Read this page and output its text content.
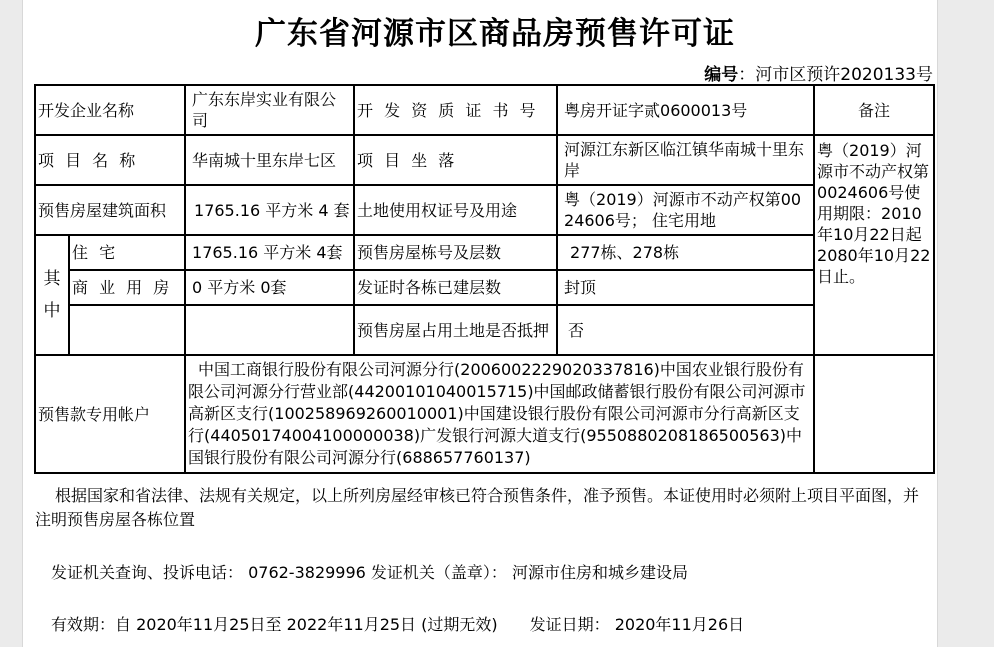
广东省河源市区商品房预售许可证
编号：河市区预许2020133号
开发企业名称		广东东岸实业有限公司	开 发 资 质 证 书 号	粤房开证字贰0600013号	备注
项 目 名 称		华南城十里东岸七区	项 目 坐 落	河源江东新区临江镇华南城十里东岸	粤（2019）河源市不动产权第0024606号使用期限：2010年10月22日起2080年10月22日止。
预售房屋建筑面积		1765.16 平方米 4 套	土地使用权证号及用途	粤（2019）河源市不动产权第0024606号； 住宅用地	
其中	住 宅	1765.16 平方米 4套	预售房屋栋号及层数	277栋、278栋	
	商 业 用 房	0 平方米 0套	发证时各栋已建层数	封顶	
			预售房屋占用土地是否抵押	否	
预售款专用帐户		中国工商银行股份有限公司河源分行(2006002229020337816)中国农业银行股份有限公司河源分行营业部(44200101040015715)中国邮政储蓄银行股份有限公司河源市高新区支行(100258969260010001)中国建设银行股份有限公司河源市分行高新区支行(44050174004100000038)广发银行河源大道支行(9550880208186500563)中国银行股份有限公司河源分行(688657760137)			
根据国家和省法律、法规有关规定，以上所列房屋经审核已符合预售条件，准予预售。本证使用时必须附上项目平面图，并注明预售房屋各栋位置
发证机关查询、投诉电话： 0762-3829996 发证机关（盖章）： 河源市住房和城乡建设局
有效期：自 2020年11月25日至 2022年11月25日 (过期无效) 发证日期： 2020年11月26日
